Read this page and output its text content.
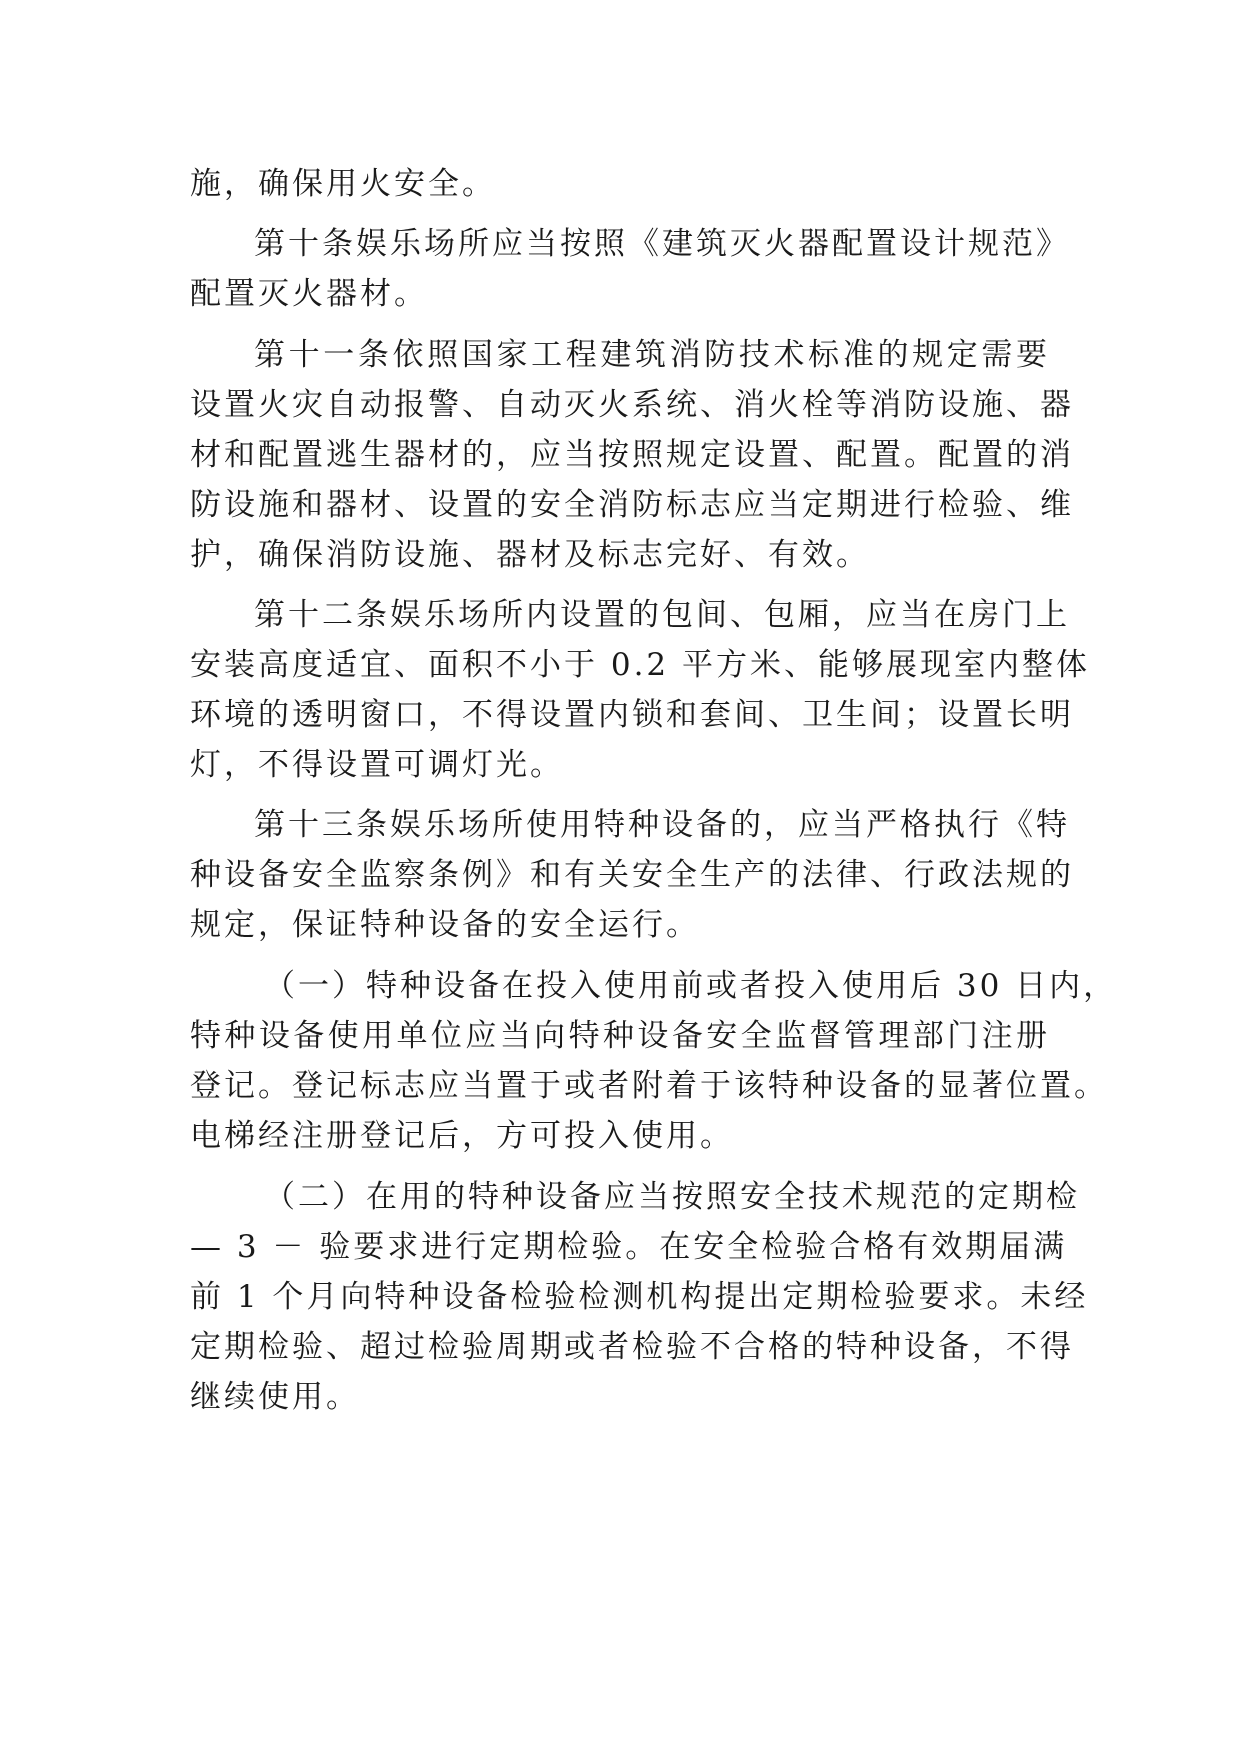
施，确保用火安全。
第十条娱乐场所应当按照《建筑灭火器配置设计规范》
配置灭火器材。
第十一条依照国家工程建筑消防技术标准的规定需要
设置火灾自动报警、自动灭火系统、消火栓等消防设施、器
材和配置逃生器材的，应当按照规定设置、配置。配置的消
防设施和器材、设置的安全消防标志应当定期进行检验、维
护，确保消防设施、器材及标志完好、有效。
第十二条娱乐场所内设置的包间、包厢，应当在房门上
安装高度适宜、面积不小于 0.2 平方米、能够展现室内整体
环境的透明窗口，不得设置内锁和套间、卫生间；设置长明
灯，不得设置可调灯光。
第十三条娱乐场所使用特种设备的，应当严格执行《特
种设备安全监察条例》和有关安全生产的法律、行政法规的
规定，保证特种设备的安全运行。
（一）特种设备在投入使用前或者投入使用后 30 日内，
特种设备使用单位应当向特种设备安全监督管理部门注册
登记。登记标志应当置于或者附着于该特种设备的显著位置。
电梯经注册登记后，方可投入使用。
（二）在用的特种设备应当按照安全技术规范的定期检
— 3 － 验要求进行定期检验。在安全检验合格有效期届满
前 1 个月向特种设备检验检测机构提出定期检验要求。未经
定期检验、超过检验周期或者检验不合格的特种设备，不得
继续使用。
